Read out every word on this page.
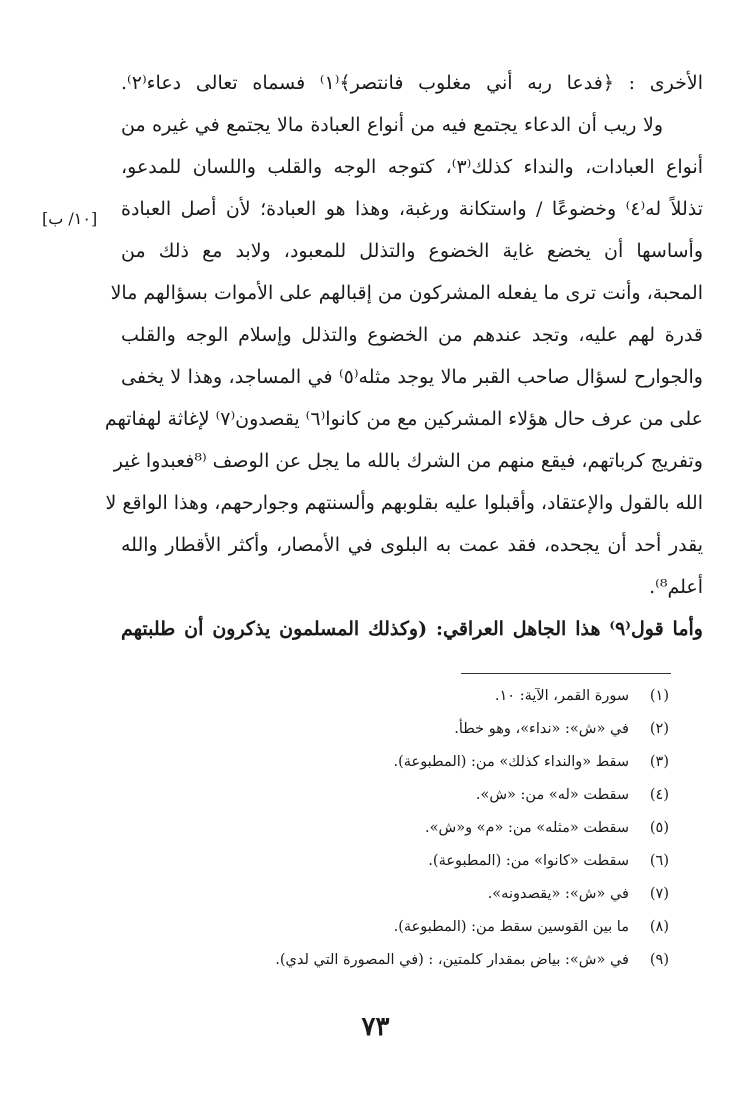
[١٠/ ب]
الأخرى : ﴿فدعا ربه أني مغلوب فانتصر﴾⁽١⁾ فسماه تعالى دعاء⁽٢⁾.
ولا ريب أن الدعاء يجتمع فيه من أنواع العبادة مالا يجتمع في غيره من
أنواع العبادات، والنداء كذلك⁽٣⁾، كتوجه الوجه والقلب واللسان للمدعو،
تذللاً له⁽٤⁾ وخضوعًا / واستكانة ورغبة، وهذا هو العبادة؛ لأن أصل العبادة
وأساسها أن يخضع غاية الخضوع والتذلل للمعبود، ولابد مع ذلك من
المحبة، وأنت ترى ما يفعله المشركون من إقبالهم على الأموات بسؤالهم مالا
قدرة لهم عليه، وتجد عندهم من الخضوع والتذلل وإسلام الوجه والقلب
والجوارح لسؤال صاحب القبر مالا يوجد مثله⁽٥⁾ في المساجد، وهذا لا يخفى
على من عرف حال هؤلاء المشركين مع من كانوا⁽٦⁾ يقصدون⁽٧⁾ لإغاثة لهفاتهم
وتفريج كرباتهم، فيقع منهم من الشرك بالله ما يجل عن الوصف ⁽⁸فعبدوا غير
الله بالقول والإعتقاد، وأقبلوا عليه بقلوبهم وألسنتهم وجوارحهم، وهذا الواقع لا
يقدر أحد أن يجحده، فقد عمت به البلوى في الأمصار، وأكثر الأقطار والله
أعلم⁸⁾.
وأما قول⁽٩⁾ هذا الجاهل العراقي: (وكذلك المسلمون يذكرون أن طلبتهم
(١)
سورة القمر، الآية: ١٠.
(٢)
في «ش»: «نداء»، وهو خطأ.
(٣)
سقط «والنداء كذلك» من: (المطبوعة).
(٤)
سقطت «له» من: «ش».
(٥)
سقطت «مثله» من: «م» و«ش».
(٦)
سقطت «كانوا» من: (المطبوعة).
(٧)
في «ش»: «يقصدونه».
(٨)
ما بين القوسين سقط من: (المطبوعة).
(٩)
في «ش»: بياض بمقدار كلمتين، : (في المصورة التي لدي).
٧٣
